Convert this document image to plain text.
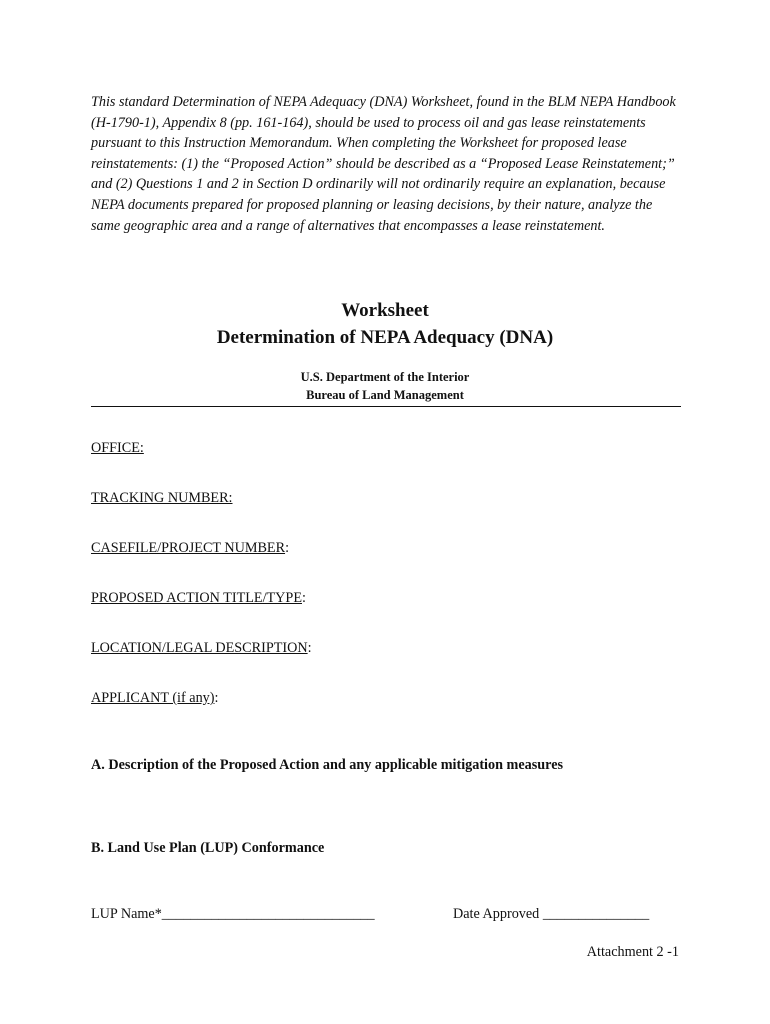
This standard Determination of NEPA Adequacy (DNA) Worksheet, found in the BLM NEPA Handbook (H-1790-1), Appendix 8 (pp. 161-164), should be used to process oil and gas lease reinstatements pursuant to this Instruction Memorandum. When completing the Worksheet for proposed lease reinstatements: (1) the “Proposed Action” should be described as a “Proposed Lease Reinstatement;” and (2) Questions 1 and 2 in Section D ordinarily will not ordinarily require an explanation, because NEPA documents prepared for proposed planning or leasing decisions, by their nature, analyze the same geographic area and a range of alternatives that encompasses a lease reinstatement.

Worksheet

Determination of NEPA Adequacy (DNA)

U.S. Department of the Interior

Bureau of Land Management

OFFICE:

TRACKING NUMBER:

CASEFILE/PROJECT NUMBER:

PROPOSED ACTION TITLE/TYPE:

LOCATION/LEGAL DESCRIPTION:

APPLICANT (if any):

A. Description of the Proposed Action and any applicable mitigation measures

B. Land Use Plan (LUP) Conformance

LUP Name*______________________________	Date Approved _______________

Attachment 2 -1
